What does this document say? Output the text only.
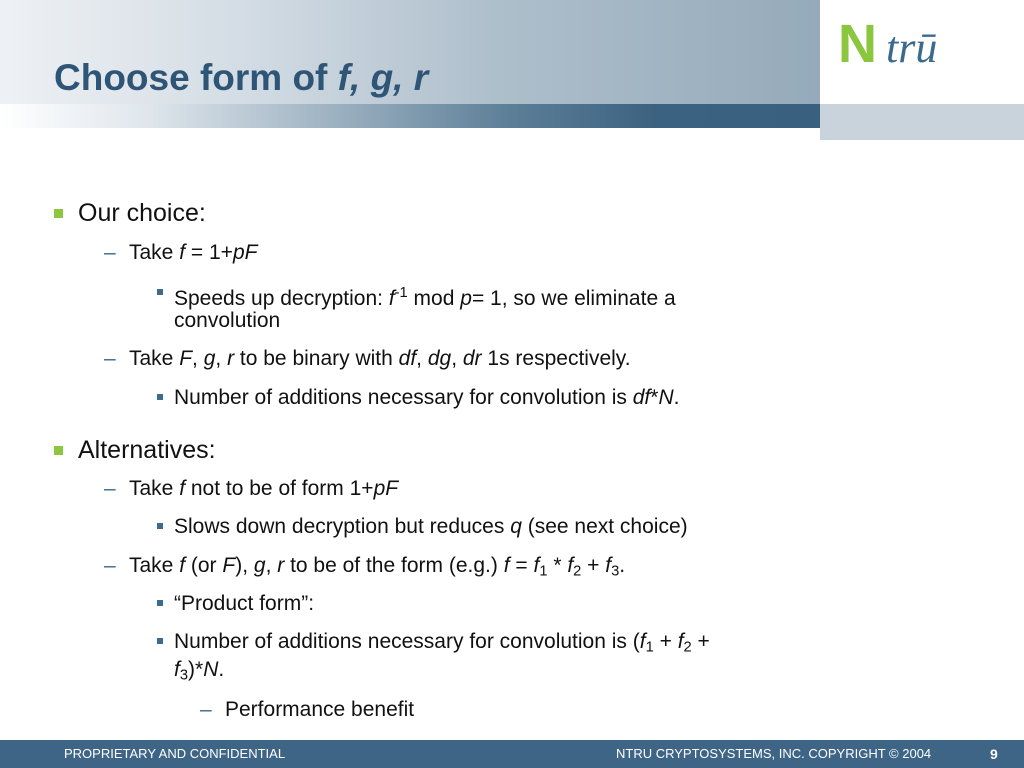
N trū
Choose form of f, g, r
Our choice:
– Take f = 1+pF
Speeds up decryption: $f^{-1}$ mod p= 1, so we eliminate a
convolution
– Take F, g, r to be binary with df, dg, dr 1s respectively.
Number of additions necessary for convolution is df*N.
Alternatives:
– Take f not to be of form 1+pF
Slows down decryption but reduces q (see next choice)
– Take f (or F), g, r to be of the form (e.g.) $f = f_1 * f_2 + f_3$.
“Product form”:
Number of additions necessary for convolution is ($f_1 + f_2$ +
$f_3)*N$.
– Performance benefit
PROPRIETARY AND CONFIDENTIAL	NTRU CRYPTOSYSTEMS, INC. COPYRIGHT © 2004	9
